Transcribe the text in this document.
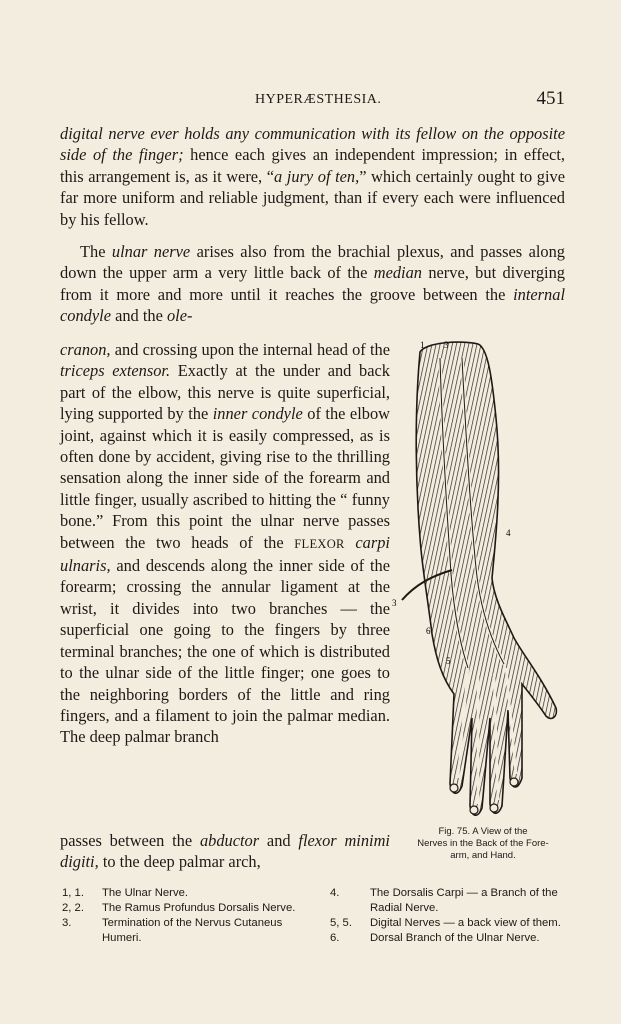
HYPERÆSTHESIA.	451

digital nerve ever holds any communication with its fellow on the opposite side of the finger; hence each gives an independent impression; in effect, this arrangement is, as it were, “a jury of ten,” which certainly ought to give far more uniform and reliable judgment, than if every each were influenced by his fellow.

The ulnar nerve arises also from the brachial plexus, and passes along down the upper arm a very little back of the median nerve, but diverging from it more and more until it reaches the groove between the internal condyle and the ole-

cranon, and crossing upon the internal head of the triceps extensor. Exactly at the under and back part of the elbow, this nerve is quite superficial, lying supported by the inner condyle of the elbow joint, against which it is easily compressed, as is often done by accident, giving rise to the thrilling sensation along the inner side of the forearm and little finger, usually ascribed to hitting the “ funny bone.” From this point the ulnar nerve passes between the two heads of the FLEXOR carpi ulnaris, and descends along the inner side of the forearm; crossing the annular ligament at the wrist, it divides into two branches — the superficial one going to the fingers by three terminal branches; the one of which is distributed to the ulnar side of the little finger; one goes to the neighboring borders of the little and ring fingers, and a filament to join the palmar median. The deep palmar branch

passes between the abductor and flexor minimi digiti, to the deep palmar arch,

1 3
4
3
6
5
Fig. 75. A View of the
Nerves in the Back of the Fore-
arm, and Hand.
1, 1.	The Ulnar Nerve.
2, 2.	The Ramus Profundus Dorsalis Nerve.
3.	Termination of the Nervus Cutaneus Humeri.
4.	The Dorsalis Carpi — a Branch of the Radial Nerve.
5, 5.	Digital Nerves — a back view of them.
6.	Dorsal Branch of the Ulnar Nerve.
